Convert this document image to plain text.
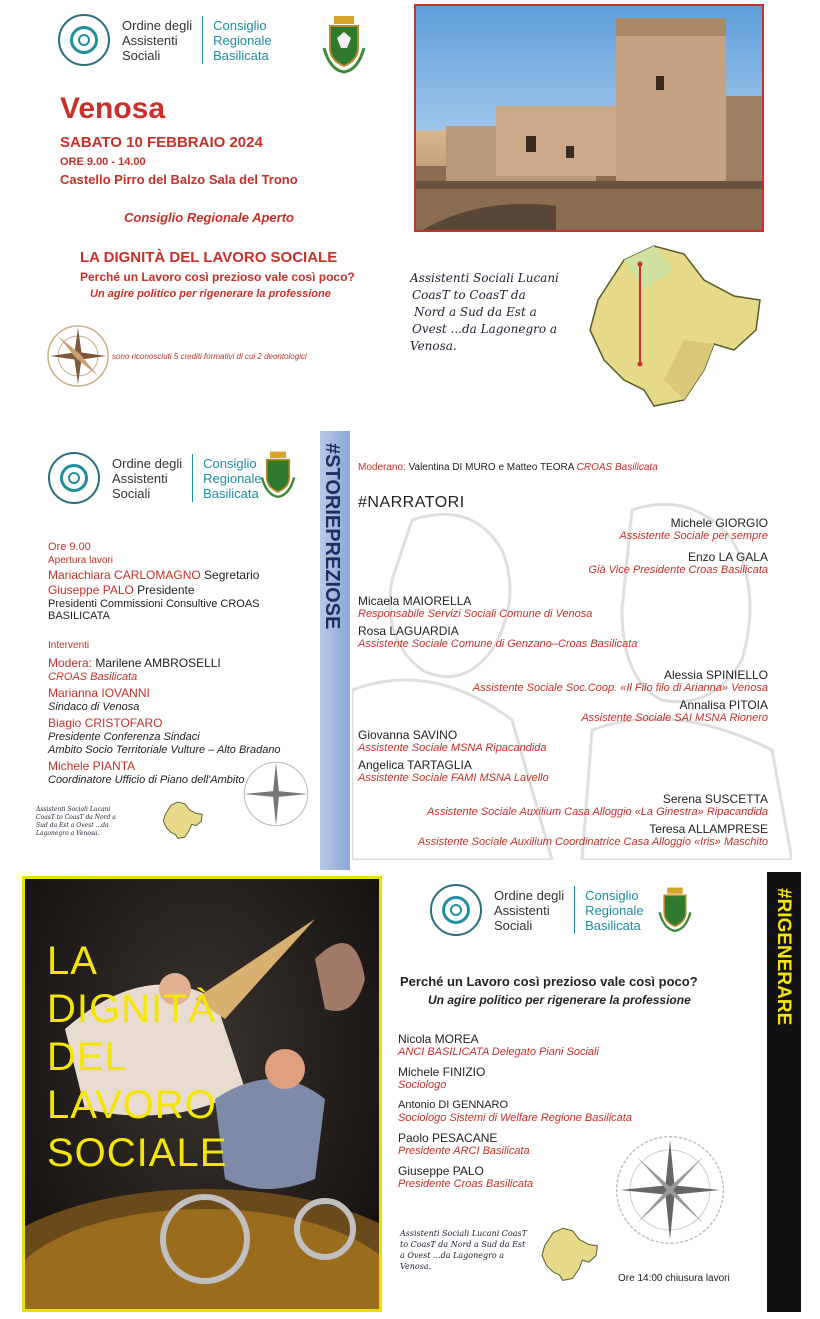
Ordine degli
Assistenti
Sociali
Consiglio
Regionale
Basilicata
Venosa
SABATO 10 FEBBRAIO 2024
ORE 9.00 - 14.00
Castello Pirro del Balzo Sala del Trono
Consiglio Regionale Aperto
LA DIGNITÀ DEL LAVORO SOCIALE
Perché un Lavoro così prezioso vale così poco?
Un agire politico per rigenerare la professione
sono riconosciuti 5 crediti formativi di cui 2 deontologici
Assistenti Sociali Lucani
CoasT to CoasT da
Nord a Sud da Est a
Ovest ...da Lagonegro a
Venosa.
Ordine degli
Assistenti
Sociali
Consiglio
Regionale
Basilicata
Ore 9.00
Apertura lavori
Mariachiara CARLOMAGNO Segretario
Giuseppe PALO Presidente
Presidenti Commissioni Consultive CROAS
BASILICATA
Interventi
Modera: Marilene AMBROSELLI
CROAS Basilicata
Marianna IOVANNI
Sindaco di Venosa
Biagio CRISTOFARO
Presidente Conferenza Sindaci
Ambito Socio Territoriale Vulture – Alto Bradano
Michele PIANTA
Coordinatore Ufficio di Piano dell'Ambito
Assistenti Sociali Lucani CoasT to CoasT da Nord a Sud da Est a Ovest ...da Lagonegro a Venosa.
#STORIEPREZIOSE Moderano: Valentina DI MURO e Matteo TEORA CROAS Basilicata
#NARRATORI
Michele GIORGIO
Assistente Sociale per sempre
Enzo LA GALA
Già Vice Presidente Croas Basilicata
Micaela MAIORELLA
Responsabile Servizi Sociali Comune di Venosa
Rosa LAGUARDIA
Assistente Sociale Comune di Genzano–Croas Basilicata
Alessia SPINIELLO
Assistente Sociale Soc.Coop. «Il Filo filo di Arianna» Venosa
Annalisa PITOIA
Assistente Sociale SAI MSNA Rionero
Giovanna SAVINO
Assistente Sociale MSNA Ripacandida
Angelica TARTAGLIA
Assistente Sociale FAMI MSNA Lavello
Serena SUSCETTA
Assistente Sociale Auxilium Casa Alloggio «La Ginestra» Ripacandida
Teresa ALLAMPRESE
Assistente Sociale Auxilium Coordinatrice Casa Alloggio «Iris» Maschito
LA
DIGNITÀ
DEL
LAVORO
SOCIALE
Ordine degli
Assistenti
Sociali
Consiglio
Regionale
Basilicata
Perché un Lavoro così prezioso vale così poco?
Un agire politico per rigenerare la professione
Nicola MOREA
ANCI BASILICATA Delegato Piani Sociali
Michele FINIZIO
Sociologo
Antonio DI GENNARO
Sociologo Sistemi di Welfare Regione Basilicata
Paolo PESACANE
Presidente ARCI Basilicata
Giuseppe PALO
Presidente Croas Basilicata
Assistenti Sociali Lucani CoasT to CoasT da Nord a Sud da Est a Ovest ...da Lagonegro a Venosa.
Ore 14:00 chiusura lavori
#RIGENERARE
